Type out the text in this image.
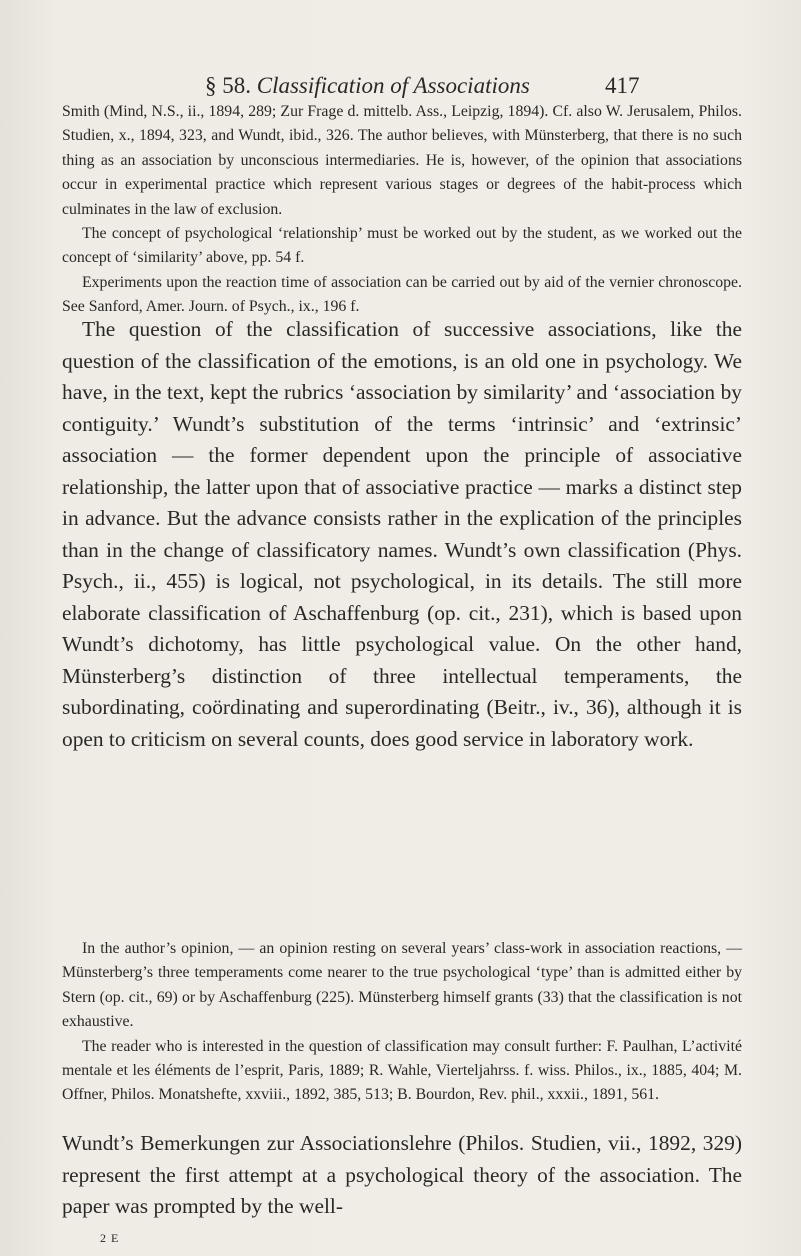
§ 58. Classification of Associations	417

Smith (Mind, N.S., ii., 1894, 289; Zur Frage d. mittelb. Ass., Leipzig, 1894). Cf. also W. Jerusalem, Philos. Studien, x., 1894, 323, and Wundt, ibid., 326. The author believes, with Münsterberg, that there is no such thing as an association by unconscious intermediaries. He is, however, of the opinion that associations occur in experimental practice which represent various stages or degrees of the habit-process which culminates in the law of exclusion.

The concept of psychological ‘relationship’ must be worked out by the student, as we worked out the concept of ‘similarity’ above, pp. 54 f.

Experiments upon the reaction time of association can be carried out by aid of the vernier chronoscope. See Sanford, Amer. Journ. of Psych., ix., 196 f.

The question of the classification of successive associations, like the question of the classification of the emotions, is an old one in psychology. We have, in the text, kept the rubrics ‘association by similarity’ and ‘association by contiguity.’ Wundt’s substitution of the terms ‘intrinsic’ and ‘extrinsic’ association — the former dependent upon the principle of associative relationship, the latter upon that of associative practice — marks a distinct step in advance. But the advance consists rather in the explication of the principles than in the change of classificatory names. Wundt’s own classification (Phys. Psych., ii., 455) is logical, not psychological, in its details. The still more elaborate classification of Aschaffenburg (op. cit., 231), which is based upon Wundt’s dichotomy, has little psychological value. On the other hand, Münsterberg’s distinction of three intellectual temperaments, the subordinating, coördinating and superordinating (Beitr., iv., 36), although it is open to criticism on several counts, does good service in laboratory work.

In the author’s opinion, — an opinion resting on several years’ class-work in association reactions, — Münsterberg’s three temperaments come nearer to the true psychological ‘type’ than is admitted either by Stern (op. cit., 69) or by Aschaffenburg (225). Münsterberg himself grants (33) that the classification is not exhaustive.

The reader who is interested in the question of classification may consult further: F. Paulhan, L’activité mentale et les éléments de l’esprit, Paris, 1889; R. Wahle, Vierteljahrss. f. wiss. Philos., ix., 1885, 404; M. Offner, Philos. Monatshefte, xxviii., 1892, 385, 513; B. Bourdon, Rev. phil., xxxii., 1891, 561.

Wundt’s Bemerkungen zur Associationslehre (Philos. Studien, vii., 1892, 329) represent the first attempt at a psychological theory of the association. The paper was prompted by the well-

2 E
